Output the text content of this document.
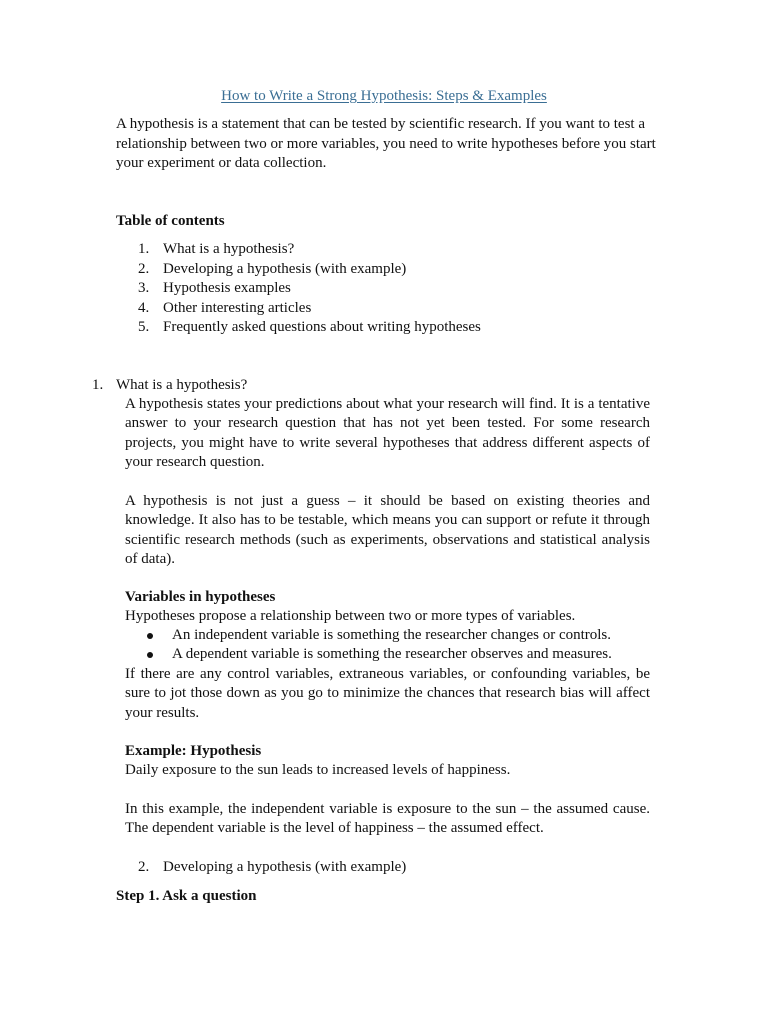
How to Write a Strong Hypothesis: Steps & Examples

A hypothesis is a statement that can be tested by scientific research. If you want to test a relationship between two or more variables, you need to write hypotheses before you start your experiment or data collection.

Table of contents
1. What is a hypothesis?
2. Developing a hypothesis (with example)
3. Hypothesis examples
4. Other interesting articles
5. Frequently asked questions about writing hypotheses
1. What is a hypothesis?

A hypothesis states your predictions about what your research will find. It is a tentative answer to your research question that has not yet been tested. For some research projects, you might have to write several hypotheses that address different aspects of your research question.

A hypothesis is not just a guess – it should be based on existing theories and knowledge. It also has to be testable, which means you can support or refute it through scientific research methods (such as experiments, observations and statistical analysis of data).

Variables in hypotheses

Hypotheses propose a relationship between two or more types of variables.

An independent variable is something the researcher changes or controls.
A dependent variable is something the researcher observes and measures.

If there are any control variables, extraneous variables, or confounding variables, be sure to jot those down as you go to minimize the chances that research bias will affect your results.

Example: Hypothesis

Daily exposure to the sun leads to increased levels of happiness.

In this example, the independent variable is exposure to the sun – the assumed cause. The dependent variable is the level of happiness – the assumed effect.

2. Developing a hypothesis (with example)
Step 1. Ask a question
